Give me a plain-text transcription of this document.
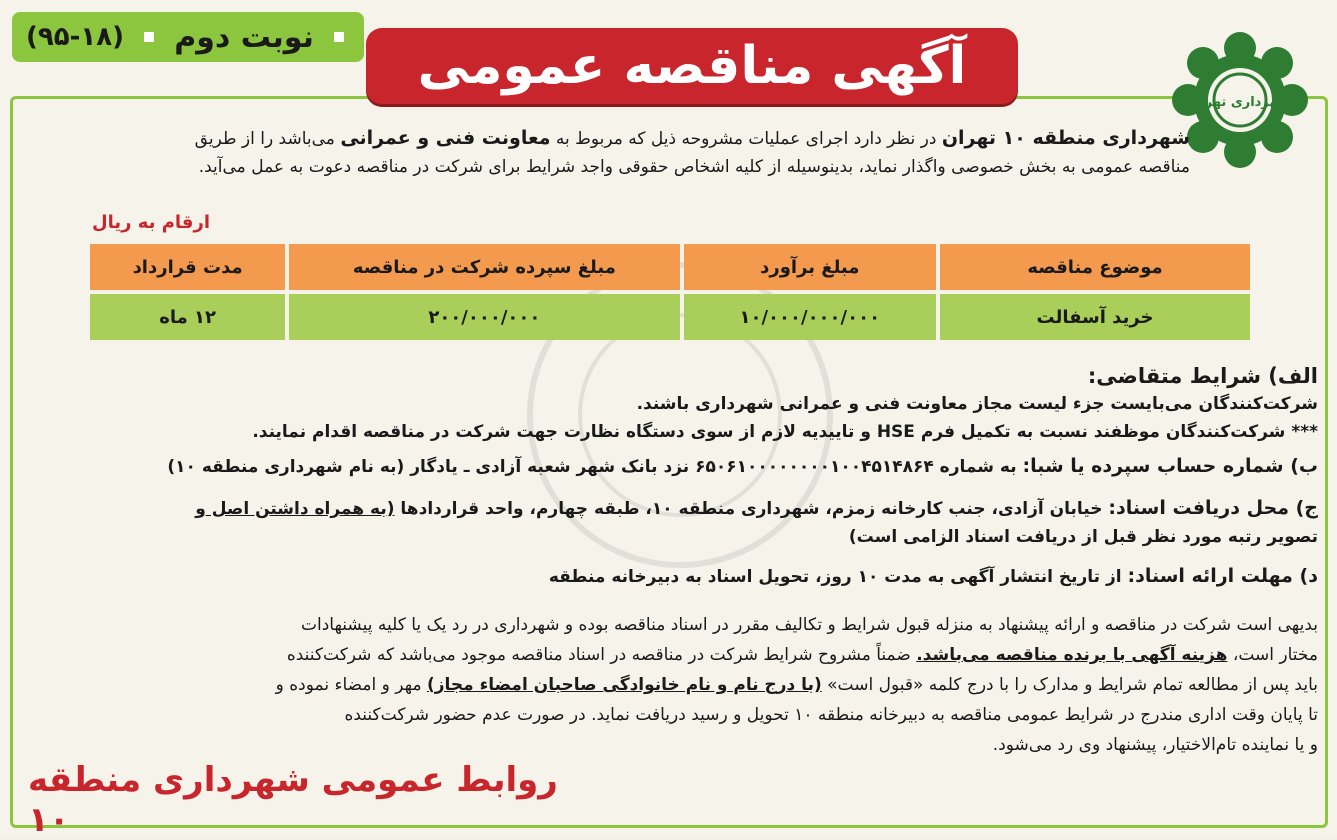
(۹۵-۱۸) نوبت دوم	آگهی مناقصه عمومی
شهرداری تهران
شهرداری منطقه ۱۰ تهران در نظر دارد اجرای عملیات مشروحه ذیل که مربوط به معاونت فنی و عمرانی می‌باشد را از طریق
مناقصه عمومی به بخش خصوصی واگذار نماید، بدینوسیله از کلیه اشخاص حقوقی واجد شرایط برای شرکت در مناقصه دعوت به عمل می‌آید.
ارقام به ریال
موضوع مناقصه	مبلغ برآورد	مبلغ سپرده شرکت در مناقصه	مدت قرارداد
خرید آسفالت	۱۰/۰۰۰/۰۰۰/۰۰۰	۲۰۰/۰۰۰/۰۰۰	۱۲ ماه
الف) شرایط متقاضی:
شرکت‌کنندگان می‌بایست جزء لیست مجاز معاونت فنی و عمرانی شهرداری باشند.
*** شرکت‌کنندگان موظفند نسبت به تکمیل فرم HSE و تاییدیه لازم از سوی دستگاه نظارت جهت شرکت در مناقصه اقدام نمایند.
ب) شماره حساب سپرده یا شبا: به شماره ۶۵۰۶۱۰۰۰۰۰۰۰۰۱۰۰۴۵۱۴۸۶۴ نزد بانک شهر شعبه آزادی ـ یادگار (به نام شهرداری منطقه ۱۰)
ج) محل دریافت اسناد: خیابان آزادی، جنب کارخانه زمزم، شهرداری منطقه ۱۰، طبقه چهارم، واحد قراردادها (به همراه داشتن اصل و
تصویر رتبه مورد نظر قبل از دریافت اسناد الزامی است)
د) مهلت ارائه اسناد: از تاریخ انتشار آگهی به مدت ۱۰ روز، تحویل اسناد به دبیرخانه منطقه
بدیهی است شرکت در مناقصه و ارائه پیشنهاد به منزله قبول شرایط و تکالیف مقرر در اسناد مناقصه بوده و شهرداری در رد یک یا کلیه پیشنهادات
مختار است، هزینه آگهی با برنده مناقصه می‌باشد. ضمناً مشروح شرایط شرکت در مناقصه در اسناد مناقصه موجود می‌باشد که شرکت‌کننده
باید پس از مطالعه تمام شرایط و مدارک را با درج کلمه «قبول است» (با درج نام و نام خانوادگی صاحبان امضاء مجاز) مهر و امضاء نموده و
تا پایان وقت اداری مندرج در شرایط عمومی مناقصه به دبیرخانه منطقه ۱۰ تحویل و رسید دریافت نماید. در صورت عدم حضور شرکت‌کننده
و یا نماینده تام‌الاختیار، پیشنهاد وی رد می‌شود.
روابط عمومی شهرداری منطقه ۱۰
